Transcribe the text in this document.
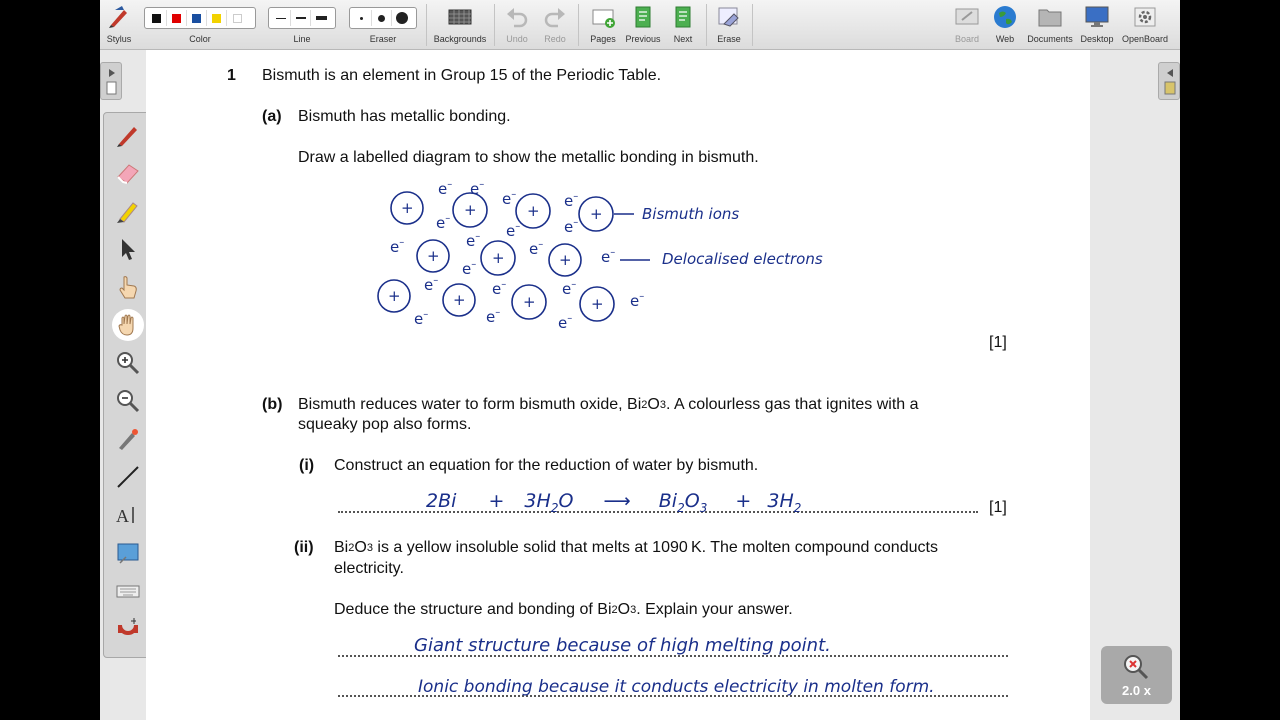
Stylus	Color	Line	Eraser	Backgrounds	Undo	Redo	Pages	Previous	Next	Erase	Board	Web	Documents Desktop OpenBoard
A
1 Bismuth is an element in Group 15 of the Periodic Table.
(a) Bismuth has metallic bonding.
Draw a labelled diagram to show the metallic bonding in bismuth.
+	+	+	+
+	+	+
+	+	+	+
e–
e–
e–	e–
e–
e–
e–
e–	e–
e–
e–
e–
e–
e–
e–
e–
e–
e–
e–
Bismuth ions
Delocalised electrons
[1]
(b) Bismuth reduces water to form bismuth oxide, Bi 2 O 3 . A colourless gas that ignites with a
squeaky pop also forms.
(i) Construct an equation for the reduction of water by bismuth.
[1]
$2Bi + 3H_2O$ ⟶ $Bi_2O_3 + 3H_2$
(ii) Bi 2 O 3 is a yellow insoluble solid that melts at 1090 K. The molten compound conducts
electricity.
Deduce the structure and bonding of Bi 2 O 3 . Explain your answer.
Giant structure because of high melting point.
Ionic bonding because it conducts electricity in molten form.	2.0 x
